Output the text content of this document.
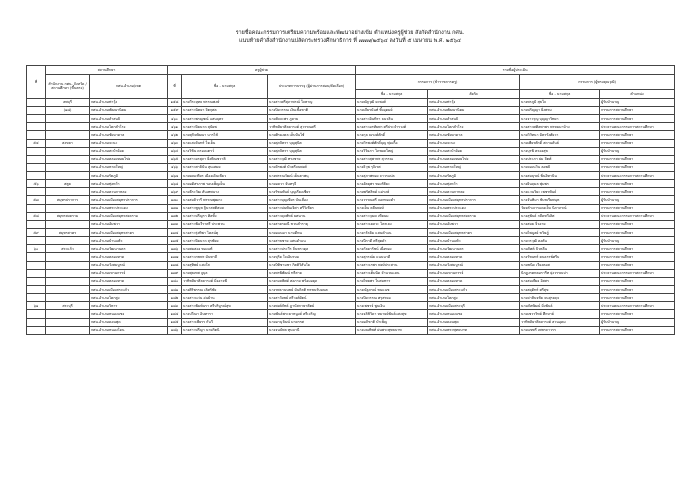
รายชื่อคณะกรรมการเตรียมความพร้อมและพัฒนาอย่างเข้ม ตำแหน่งครูผู้ช่วย สังกัดสำนักงาน กศน.
แนบท้ายคำสั่งสำนักงานปลัดกระทรวงศึกษาธิการ ที่ ๗๗๗/๒๕๖๔ ลงวันที่ ๕ เมษายน พ.ศ. ๒๕๖๔
ที่	สถานศึกษา		ครูผู้ช่วย			รายชื่อผู้ประเมิน			
	สำนักงาน กศน. จังหวัด / สถานศึกษา (ขึ้นตรง)	กศน.อำเภอ/เขต	ที่	ชื่อ - นามสกุล	ประเภทการบรรจุ (ผู้ผ่านการสอบ/คัดเลือก)	กรรมการ (ข้าราชการครู)		กรรมการ (ผู้ทรงคุณวุฒิ)	
						ชื่อ - นามสกุล	สังกัด	ชื่อ - นามสกุล	ตำแหน่ง
	ลพบุรี	กศน.อำเภอท่าวุ้ง	๑๕๘	นายวีระยุทธ พรรณพงษ์	นางสาวศรีสุภาพรณ์ ใจหาญ	นายณัฐวุฒิ ยะพงศ์	กศน.อำเภอท่าวุ้ง	นางพรภูมิ สุขใจ	ผู้รับบำนาญ
	(๑๘)	กศน.อำเภอพัฒนานิคม	๑๕๙	นางสาวนิตยา จิตกุศล	นางปิยวรรณ เงินเชื้อชาติ	นายเจียรนันท์ ทิ้งอุดมย์	กศน.อำเภอพัฒนานิคม	นายปริญญา ยิ่งพรม	กรรมการสถานศึกษา
		กศน.อำเภอลำสนธิ	๑๖๐	นางสาวพรญชณ์ แสนบุตร	นายสัจจะพร ภูลาย	นางสาวอินทิรา ธนวลิน	กศน.อำเภอลำสนธิ	นางจาวรุญ บุญญาวิทยา	กรรมการสถานศึกษา
		กศน.อำเภอโคกสำโรง	๑๖๑	นางสาวปิยนาถ สุนัยพ	วาทิชลิยาศิลลารงค์ สุวรรณศรี	นางสาวอรทัยพา ศรีประจำรวงศ์	กศน.อำเภอโคกสำโรง	นางสาวศศิลพาพร พรหมมาบ้าง	ประธานคณะกรรมการสถานศึกษา
		กศน.อำเภอชัยบาดาล	๑๖๒	นายสุกิจพัฒนา นารไช้	นายศิรมงคล เล็บปันใช้	นางกุล ณรงค์ศักดิ์	กศน.อำเภอชัยบาดาล	นายวิวัทนา มิตรรังศัยวา	กรรมการสถานศึกษา
๕๔	สงขลา	กศน.อำเภอจะนะ	๑๖๓	นางแสงจันทร์ ใจเย็น	นางศุภจิตรา บุญสุนิต	นายวิรพงศ์ศักดิ์บุญ พุ่มเกื้อ	กศน.อำเภอจะนะ	นายเพียรศักดิ์ สถานลันธ์	กรรมการสถานศึกษา
		กศน.อำเภอสะบ้าย้อย	๑๖๔	นางวิชิน ดรองแตรว์	นางศุภจิตรา บุญสุนิต	นางวิวิยภา โภชผลใหญ่	กศน.อำเภอสะบ้าย้อย	นางบุรพิ ครองสุข	ผู้รับบำนาญ
		กศน.อำเภอคลองหอยโข่ง	๑๖๕	นางสาวอรสุภา ยิ่งพิณชวาติ	นางสาววุฒิ ทรงชาย	นางสาวสุพาพร สุวรรณ	กศน.อำเภอคลองหอยโข่ง	นางประภา ย่ม ถิตศ์	กรรมการสถานศึกษา
		กศน.อำเภอหาดใหญ่	๑๖๖	นางสาวสาลินัน สุนเสมย	นายจิรพงศ์ บัวตรีจนพงศ์	นางธิวุพ รุจิเรศ	กศน.อำเภอหาดใหญ่	นายจอเนวิน ลอพธิ	กรรมการสถานศึกษา
		กศน.อำเภอรัตภูมิ	๑๖๗	นายมณเฑียร เมืองเดินเขียว	นางพรรณวัฒน์ เย็นตาพนุ	นางสุภาพทอง ถาวรแปล	กศน.อำเภอรัตภูมิ	นางสมบุรณ์ พิ่นอิทานิน	ประธานคณะกรรมการสถานศึกษา
๕๖	สตูล	กศน.อำเภอทุ่งหว้า	๑๖๘	นายอดิสรภาพ รอบเพ็ญเย็น	นายอลวา จันทรุจี	นางอัตยุพร ทองรัติยะ	กศน.อำเภอทุ่งหว้า	นางยินฤมล พุ่มพร	กรรมการสถานศึกษา
		กศน.อำเภอควนกาหลง	๑๖๙	นายธีระวัฒ สันเทพนาง	นางรัชนพันธ์ บุญเรียงเซียร	นายพรัศลิชด์ แม่รงษ์	กศน.อำเภอควนกาหลง	นางแวนวิยะ เพชรพันธ์	กรรมการสถานศึกษา
๕๗	สมุทรปราการ	กศน.อำเภอเมืองสมุทรปราการ	๑๗๐	นางสมลิวารี พรรณพุฒกะ	นางสาวบุญเขียร บันเสื่อง	นางวรรณศรี จอกทองคำ	กศน.อำเภอเมืองสมุทรปราการ	นางจันทิมา ชับชเรียพนุห	ผู้รับบำนาญ
		กศน.อำเภอพระประแดง	๑๗๑	นางสาวชูนุช ฐินาสสติสมล	นางสาวปนพันเจิศา ศรีวิเชียร	นางเย็น คลีนพงษ์	กศน.อำเภอพระประแดง	วัยจตำเจารแดงเจ็บ นิภาภรณ์	กรรมการสถานศึกษา
๕๘	สมุทรสงคราม	กศน.อำเภอเมืองสมุทรสงคราม	๑๗๒	นางสาวปรีญรา ศิลทั้ง	นางสาวดุจพัทธ์ ยศนาน	นางสาววุฒจ เทียนม	กศน.อำเภอเมืองสมุทรสงคราม	นางสุพันธ์ กลีดทวีเลิศ	ประธานคณะกรรมการสถานศึกษา
		กศน.อำเภออัมพวา	๑๗๓	นางสาวพิฉวีราศรี ประพวน	นางสาครมณี ชวนสำรายุ	นางสาวเยลวะ โครเลง	กศน.อำเภออัมพวา	นางสมย จิ่วอาย	กรรมการสถานศึกษา
๕๙	สมุทรสาคร	กศน.อำเภอเมืองสมุทรสาคร	๑๗๔	นางสาวรุ่งทิพา ไคลน์ตุ	นายอแนมา นาบดีหน	นางกรัลลิม แสนคำแน	กศน.อำเภอเมืองสมุทรสาคร	นายไพบูลย์ ชวิษฎ์	กรรมการสถานศึกษา
		กศน.อำเภอบ้านแพ้ว	๑๗๕	นางสาวปิยนาถ สุรชัยย	นางสาขชาย แสนดำแน	นางปีกาดี ศรีสุคดำ	กศน.อำเภอบ้านแพ้ว	นายวรวุฒิ คงตัน	ผู้รับบำนาญ
๖๐	สระแก้ว	กศน.อำเภอวัฒนานคร	๑๗๖	นายสมสอง ทองแท้	นางสาวประวีร ถิ่นชรวดุล	นางกัลยารัชน์ เยื่อทอง	กศน.อำเภอวัฒนานคร	นายภิศต์ ปัวหลีน	กรรมการสถานศึกษา
		กศน.อำเภอคลองหาด	๑๗๗	นางสาวกชพร มันทาลี	นางขุริย ใจเอิบรบม	นางสุกรณ์ย แนนนาดี	กศน.อำเภอคลองหาด	นางรัชนทร์ คนธรรพ์ศรีบ	กรรมการสถานศึกษา
		กศน.อำเภอวังสมบูรณ์	๑๗๘	นางสุทิพย์ แสงใส	นางบิทิชามชา กิตติวิสันโย	นางสาวเรพร พงษ์ประสาน	กศน.อำเภอวังสมบูรณ์	นายชนิด เวียงตอส	กรรมการสถานศึกษา
		กศน.อำเภอเขาฉกรรจ์	๑๗๙	นายสุธเทส จูบุล	นางพรพิพัฒน์ ทรีสาย	นางสาวเต็มนิด จำนวนแลน	กศน.อำเภอเขาฉกรรจ์	นิกฏงรคหลอรารีท ยุ่งวรรณปา	ประธานคณะกรรมการสถานศึกษา
		กศน.อำเภอคลองหาด	๑๘๐	วาทิชลิยาศิลลารงค์ มิ่งอาจพื	นางกมลพิศด์ ศงภาย พร้อมอยุล	นายไทยพร ใบสมทาร	กศน.อำเภอคลองหาด	นางสมเพียง อิสสร	กรรมการสถานศึกษา
		กศน.อำเภอเมืองสระแก้ว	๑๘๑	นางศิริพรรณ เลิศรัชัย	นางรพธานนชย์ มันกิตติ ทรชนรับมนต	นางณัฐภรณ์ ชนแนช	กศน.อำเภอเมืองสระแก้ว	นางสดุดิทร์ ศรีสุข	กรรมการสถานศึกษา
		กศน.อำเภอโคกสูง	๑๘๒	นางสาวแว่น อ่นย้าน	นางสาวัยชย์ ศรีวงศ์ยัตน์	นางปิยวรรณ ศรุสรยอ	กศน.อำเภอโคกสูง	นายจ่าสิบจชัย จนสุรยฤจ	กรรมการสถานศึกษา
๖๑	สระบุรี	กศน.อำเภอวิหาร	๑๘๓	นางสาวพิมพ์นรา ศรีบริบูรณ์สุข	นางพงศ์ภัทธ์ ฎานัสกาษาติตย์	นางเพชรจ์ พูนเงิน	กศน.อำเภอเมืองสระบุรี	นายภัสพัฒน์ มิ่งพันธ์	ประธานคณะกรรมการสถานศึกษา
		กศน.อำเภอหนองแซง	๑๘๔	นางปวีณา อินทารา	นายพันธ์พระยาหนูงค์ ศรีเจริญ	นางจลิชิวิดา หมายย์พันธ์แสงสุข	กศน.อำเภอหนองแซง	นายเชวรวิทย์ ศึกษาย์	กรรมการสถานศึกษา
		กศน.อำเภอดอนพุด	๑๘๕	นางสาวเพียรร กันวี	นายอานุวัฒน์ มาดรรศ	นายอภิชาติ บำเพ็ญ	กศน.อำเภอดอนพุด	วาทิชลิยาศิลลารงค์ สวนอุดม	ผู้รับบำนาญ
		กศน.อำเภอหนองโดน	๑๘๖	นางสาวปรีญา นายกิตนิ	นางจนบัพล ทุนบานี	นางมณทิพท์ ฝนพระพุทธบาท	กศน.อำเภอพระพุทธบาท	นายแขทรี เพชรถาวรร	กรรมการสถานศึกษา
